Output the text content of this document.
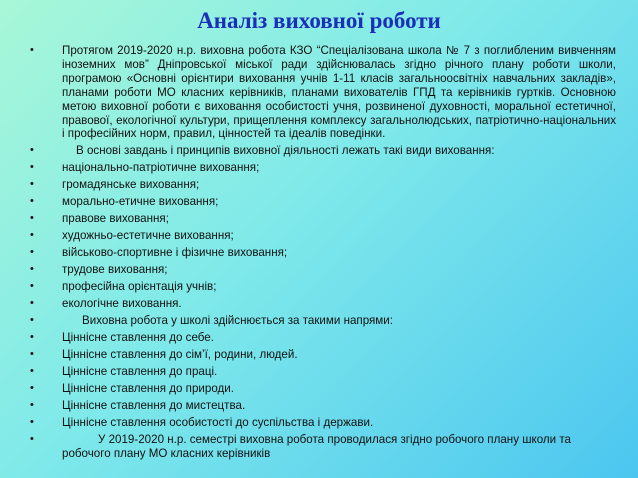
Аналіз виховної роботи
• Протягом 2019-2020 н.р. виховна робота КЗО “Спеціалізована школа № 7 з поглибленим вивченням іноземних мов” Дніпровської міської ради здійснювалась згідно річного плану роботи школи, програмою «Основні орієнтири виховання учнів 1-11 класів загальноосвітніх навчальних закладів», планами роботи МО класних керівників, планами вихователів ГПД та керівників гуртків. Основною метою виховної роботи є виховання особистості учня, розвиненої духовності, моральної естетичної, правової, екологічної культури, прищеплення комплексу загальнолюдських, патріотично-національних і професійних норм, правил, цінностей та ідеалів поведінки.
•	В основі завдань і принципів виховної діяльності лежать такі види виховання:
• національно-патріотичне виховання;
• громадянське виховання;
• морально-етичне виховання;
• правове виховання;
• художньо-естетичне виховання;
• військово-спортивне і фізичне виховання;
• трудове виховання;
• професійна орієнтація учнів;
• екологічне виховання.
•	Виховна робота у школі здійснюється за такими напрями:
• Ціннісне ставлення до себе.
• Ціннісне ставлення до сім’ї, родини, людей.
• Ціннісне ставлення до праці.
• Ціннісне ставлення до природи.
• Ціннісне ставлення до мистецтва.
• Ціннісне ставлення особистості до суспільства і держави.
•	У 2019-2020 н.р. семестрі виховна робота проводилася згідно робочого плану школи та робочого плану МО класних керівників
